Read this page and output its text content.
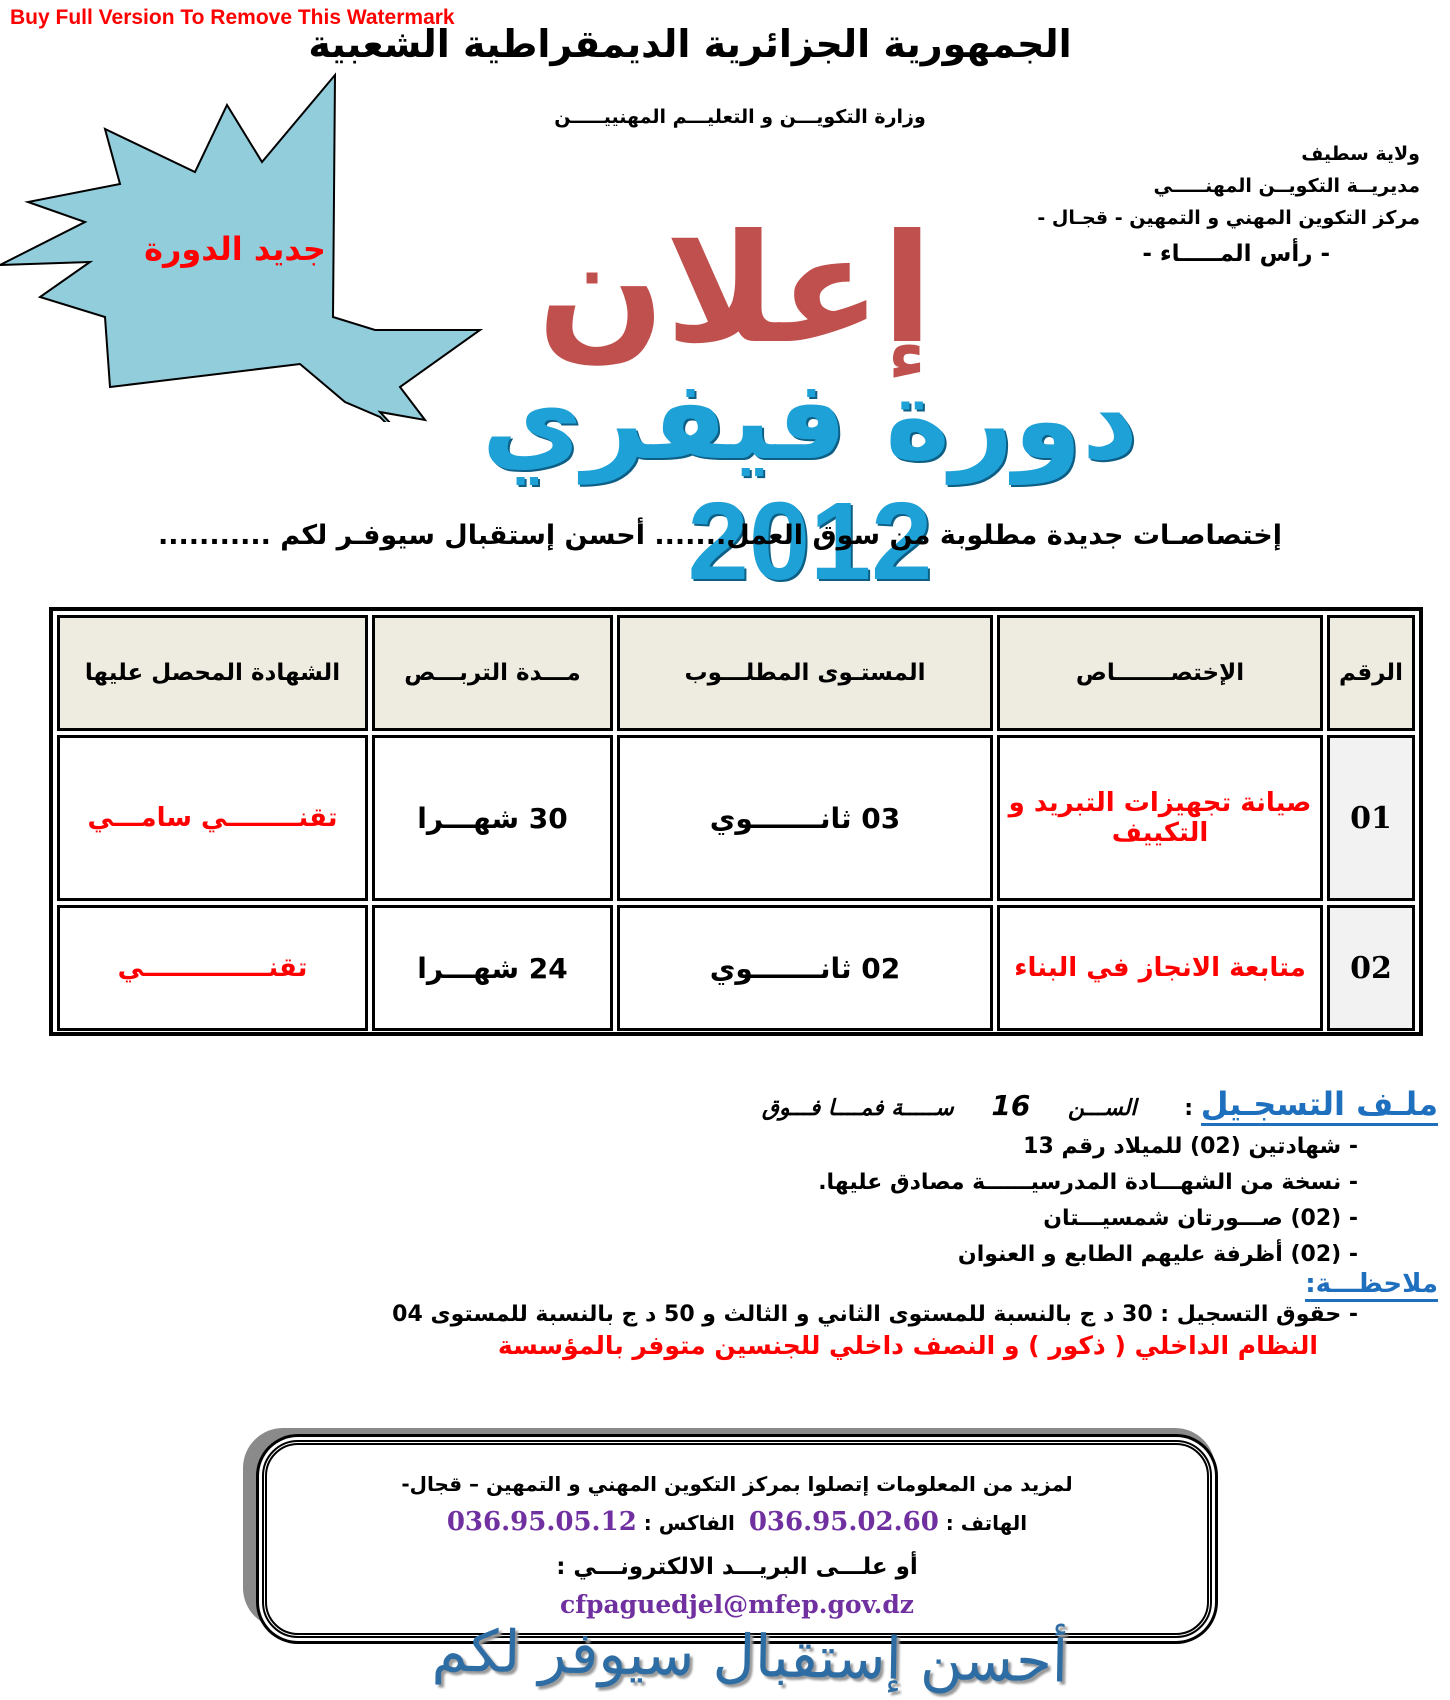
Buy Full Version To Remove This Watermark
الجمهورية الجزائرية الديمقراطية الشعبية
وزارة التكويـــن و التعليـــم المهنييـــــن
ولاية سطيف
مديريــة التكويــن المهنـــــي
مركز التكوين المهني و التمهين - قجـال -
- رأس المـــــاء -
جديد الدورة	إعلان
دورة فيفري 2012
إختصاصـات جديدة مطلوبة من سوق العمل....... أحسن إستقبال سيوفـر لكم ...........
الرقم	الإختصـــــــاص	المستـوى المطلـــوب	مـــدة التربـــص	الشهادة المحصل عليها
01	صيانة تجهيزات التبريد و التكييف	03 ثانـــــــوي	30 شهـــرا	تقنــــــــي سامـــي
02	متابعة الانجاز في البناء	02 ثانـــــــوي	24 شهـــرا	تقنــــــــــــــي
ملـف التسجـيل : الســـن 16 ســـــة فمــــا فـــوق
- شهادتين (02) للميلاد رقم 13
- نسخة من الشهـــادة المدرسيــــــة مصادق عليها.
- (02) صـــورتان شمسيـــتان
- (02) أظرفة عليهم الطابع و العنوان
ملاحظـــة:
- حقوق التسجيل : 30 د ج بالنسبة للمستوى الثاني و الثالث و 50 د ج بالنسبة للمستوى 04
النظام الداخلي ( ذكور ) و النصف داخلي للجنسين متوفر بالمؤسسة
لمزيد من المعلومات إتصلوا بمركز التكوين المهني و التمهين – قجال-
الهاتف : 036.95.02.60  الفاكس : 036.95.05.12
أو علـــى البريـــد الالكترونـــي :
cfpaguedjel@mfep.gov.dz
أحسن إستقبال سيوفر لكم
